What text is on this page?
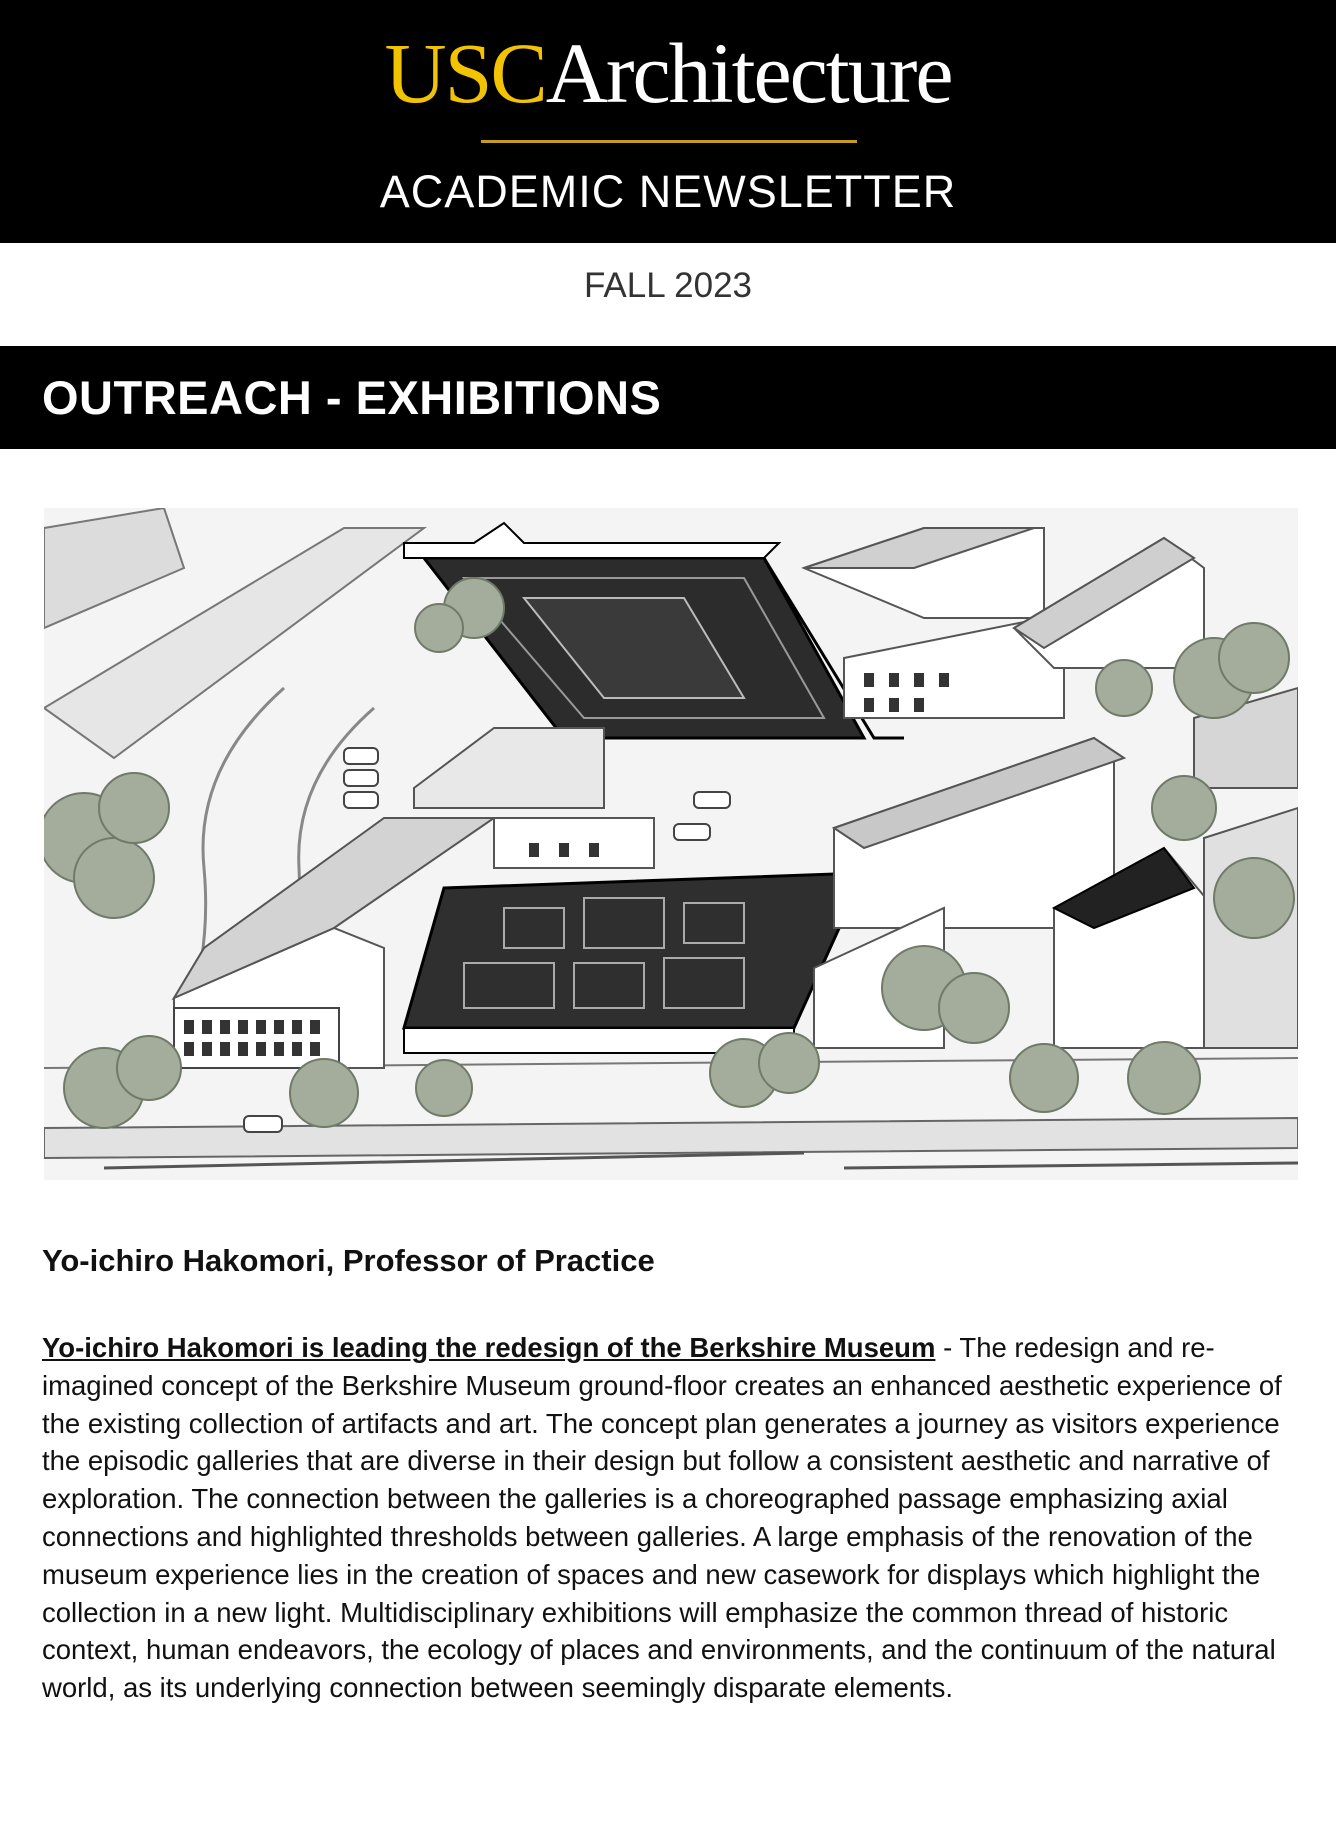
USCArchitecture
ACADEMIC NEWSLETTER
FALL 2023
OUTREACH - EXHIBITIONS
Yo-ichiro Hakomori, Professor of Practice
Yo-ichiro Hakomori is leading the redesign of the Berkshire Museum - The redesign and re-imagined concept of the Berkshire Museum ground-floor creates an enhanced aesthetic experience of the existing collection of artifacts and art. The concept plan generates a journey as visitors experience the episodic galleries that are diverse in their design but follow a consistent aesthetic and narrative of exploration. The connection between the galleries is a choreographed passage emphasizing axial connections and highlighted thresholds between galleries. A large emphasis of the renovation of the museum experience lies in the creation of spaces and new casework for displays which highlight the collection in a new light. Multidisciplinary exhibitions will emphasize the common thread of historic context, human endeavors, the ecology of places and environments, and the continuum of the natural world, as its underlying connection between seemingly disparate elements.
